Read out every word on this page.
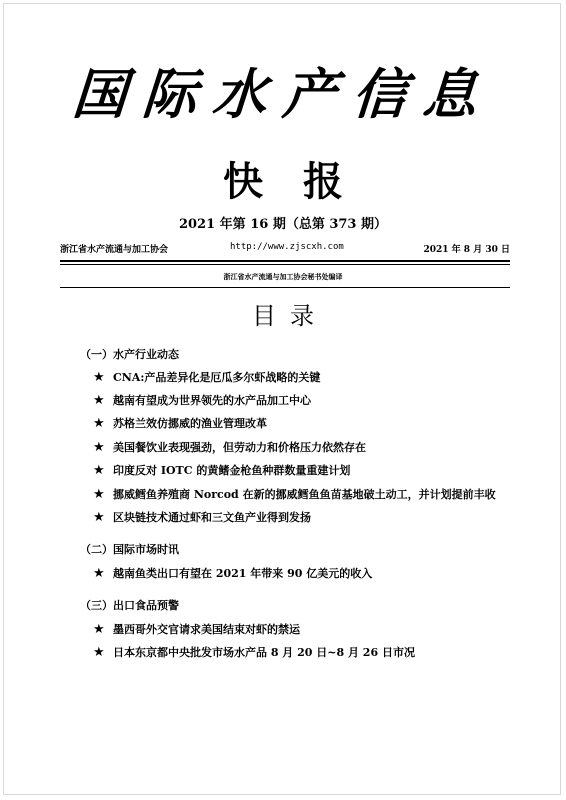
国际水产信息
快报
2021 年第 16 期（总第 373 期）
浙江省水产流通与加工协会	http://www.zjscxh.com	2021 年 8 月 30 日
浙江省水产流通与加工协会秘书处编译
目录
（一）水产行业动态
★ CNA:产品差异化是厄瓜多尔虾战略的关键
★ 越南有望成为世界领先的水产品加工中心
★ 苏格兰效仿挪威的渔业管理改革
★ 美国餐饮业表现强劲，但劳动力和价格压力依然存在
★ 印度反对 IOTC 的黄鳍金枪鱼种群数量重建计划
★ 挪威鳕鱼养殖商 Norcod 在新的挪威鳕鱼鱼苗基地破土动工，并计划提前丰收
★ 区块链技术通过虾和三文鱼产业得到发扬
（二）国际市场时讯
★ 越南鱼类出口有望在 2021 年带来 90 亿美元的收入
（三）出口食品预警
★ 墨西哥外交官请求美国结束对虾的禁运
★ 日本东京都中央批发市场水产品 8 月 20 日~8 月 26 日市况
